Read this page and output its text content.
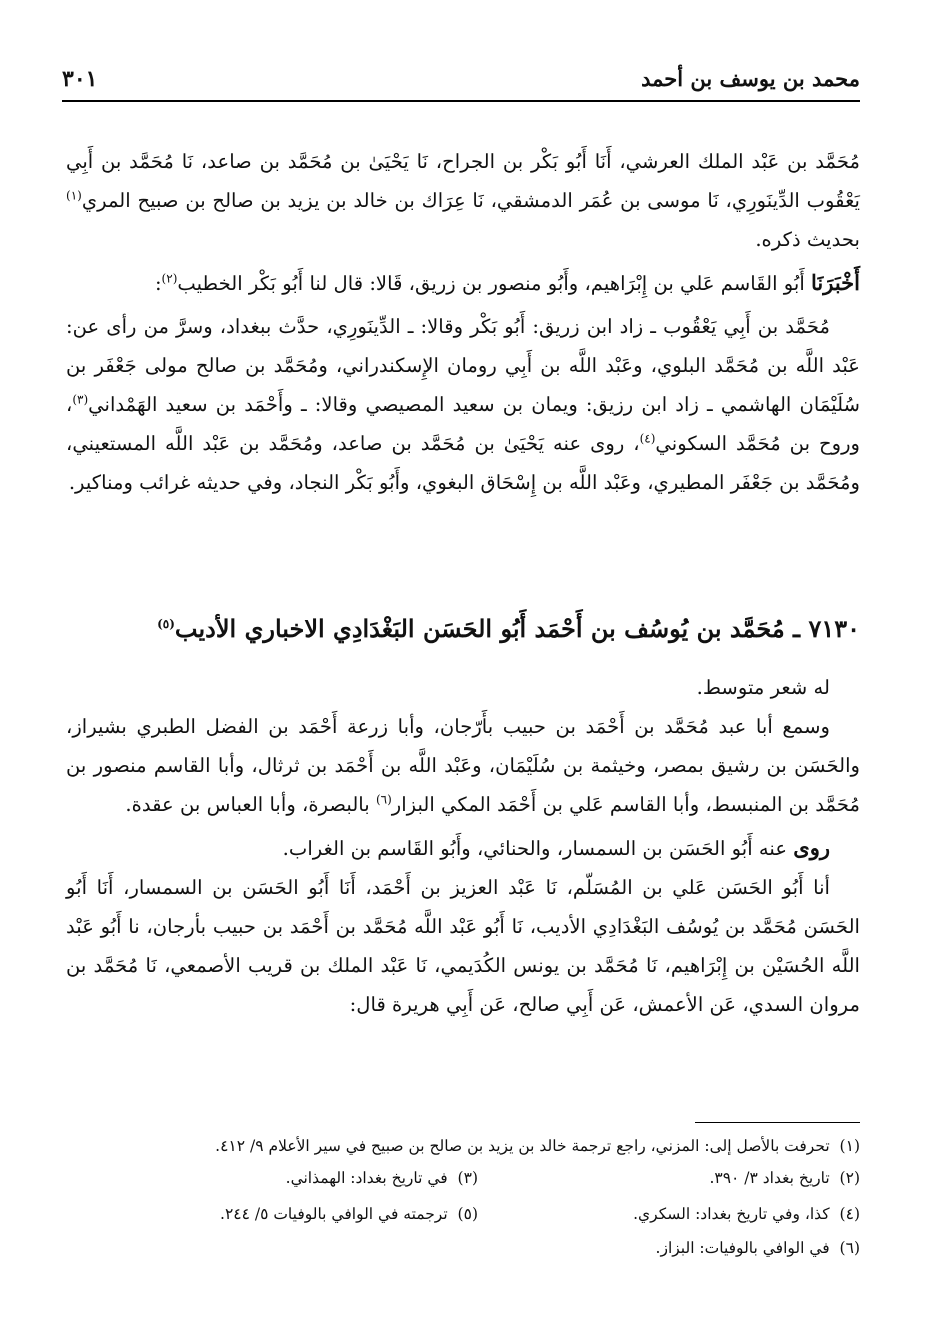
محمد بن يوسف بن أحمد
٣٠١

مُحَمَّد بن عَبْد الملك العرشي، أَنَا أَبُو بَكْر بن الجراح، نَا يَحْيَىٰ بن مُحَمَّد بن صاعد، نَا مُحَمَّد بن أَبِي يَعْقُوب الدِّينَورِي، نَا موسى بن عُمَر الدمشقي، نَا عِرَاك بن خالد بن يزيد بن صالح بن صبيح المري$^{(١)}$ بحديث ذكره.

أَخْبَرَنَا أَبُو القَاسم عَلي بن إِبْرَاهيم، وأَبُو منصور بن زريق، قَالا: قال لنا أَبُو بَكْر الخطيب$^{(٢)}$:

مُحَمَّد بن أَبِي يَعْقُوب ـ زاد ابن زريق: أَبُو بَكْر وقالا: ـ الدِّينَورِي، حدَّث ببغداد، وسرَّ من رأى عن: عَبْد اللَّه بن مُحَمَّد البلوي، وعَبْد اللَّه بن أَبِي رومان الإِسكندراني، ومُحَمَّد بن صالح مولى جَعْفَر بن سُلَيْمَان الهاشمي ـ زاد ابن رزيق: ويمان بن سعيد المصيصي وقالا: ـ وأَحْمَد بن سعيد الهَمْداني$^{(٣)}$، وروح بن مُحَمَّد السكوني$^{(٤)}$، روى عنه يَحْيَىٰ بن مُحَمَّد بن صاعد، ومُحَمَّد بن عَبْد اللَّه المستعيني، ومُحَمَّد بن جَعْفَر المطيري، وعَبْد اللَّه بن إِسْحَاق البغوي، وأَبُو بَكْر النجاد، وفي حديثه غرائب ومناكير.

٧١٣٠ ـ مُحَمَّد بن يُوسُف بن أَحْمَد أَبُو الحَسَن البَغْدَادِي الاخباري الأديب$^{(٥)}$

له شعر متوسط.

وسمع أبا عبد مُحَمَّد بن أَحْمَد بن حبيب بأَرّجان، وأبا زرعة أَحْمَد بن الفضل الطبري بشيراز، والحَسَن بن رشيق بمصر، وخيثمة بن سُلَيْمَان، وعَبْد اللَّه بن أَحْمَد بن ثرثال، وأبا القاسم منصور بن مُحَمَّد بن المنبسط، وأبا القاسم عَلي بن أَحْمَد المكي البزار$^{(٦)}$ بالبصرة، وأبا العباس بن عقدة.

روى عنه أَبُو الحَسَن بن السمسار، والحنائي، وأَبُو القَاسم بن الغراب.

أنا أَبُو الحَسَن عَلي بن المُسَلّم، نَا عَبْد العزيز بن أَحْمَد، أَنَا أَبُو الحَسَن بن السمسار، أَنَا أَبُو الحَسَن مُحَمَّد بن يُوسُف البَغْدَادِي الأديب، نَا أَبُو عَبْد اللَّه مُحَمَّد بن أَحْمَد بن حبيب بأرجان، نا أَبُو عَبْد اللَّه الحُسَيْن بن إِبْرَاهيم، نَا مُحَمَّد بن يونس الكُدَيمي، نَا عَبْد الملك بن قريب الأصمعي، نَا مُحَمَّد بن مروان السدي، عَن الأعمش، عَن أَبِي صالح، عَن أَبِي هريرة قال:

(١)  تحرفت بالأصل إلى: المزني، راجع ترجمة خالد بن يزيد بن صالح بن صبيح في سير الأعلام ٩/ ٤١٢.
(٢)  تاريخ بغداد ٣/ ٣٩٠.
(٣)  في تاريخ بغداد: الهمذاني.
(٤)  كذا، وفي تاريخ بغداد: السكري.
(٥)  ترجمته في الوافي بالوفيات ٥/ ٢٤٤.
(٦)  في الوافي بالوفيات: البزاز.
